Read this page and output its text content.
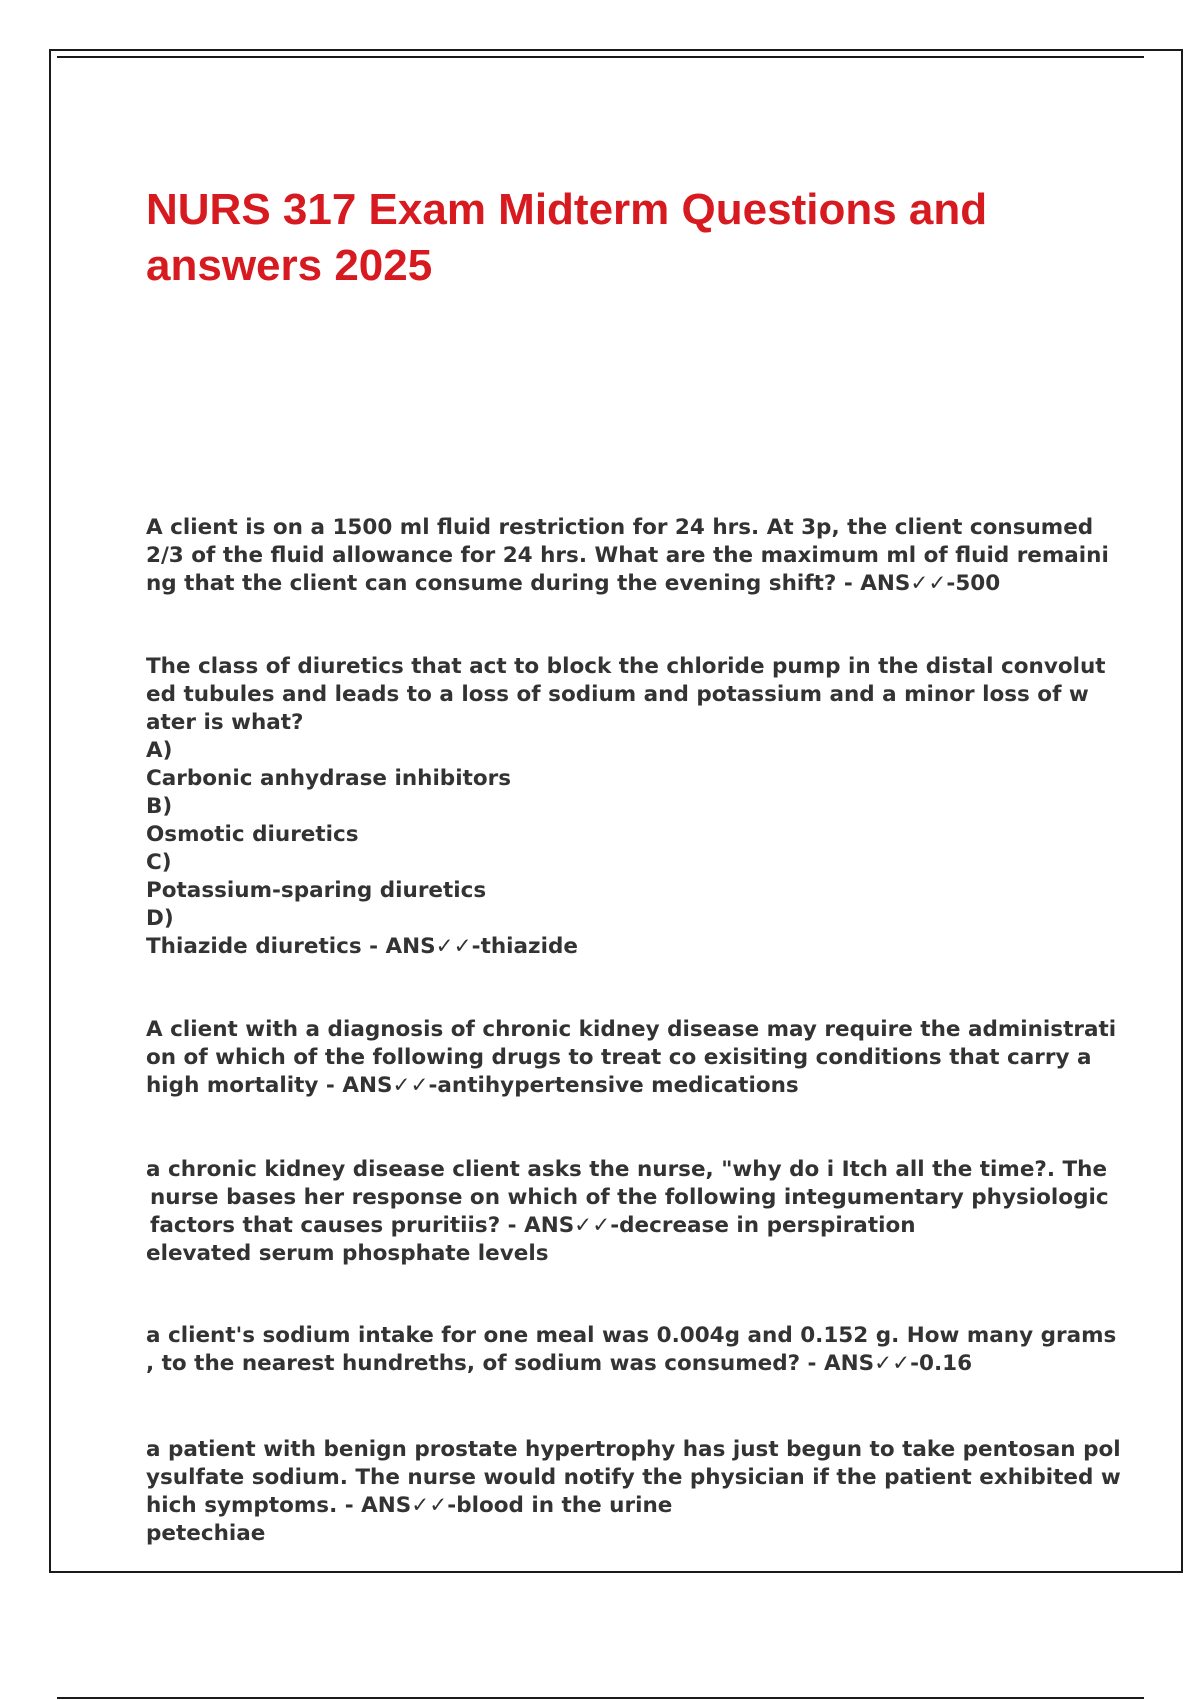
NURS 317 Exam Midterm Questions and
answers 2025
A client is on a 1500 ml fluid restriction for 24 hrs. At 3p, the client consumed
2/3 of the fluid allowance for 24 hrs. What are the maximum ml of fluid remaini
ng that the client can consume during the evening shift? - ANS✓✓-500
The class of diuretics that act to block the chloride pump in the distal convolut
ed tubules and leads to a loss of sodium and potassium and a minor loss of w
ater is what?
A)
Carbonic anhydrase inhibitors
B)
Osmotic diuretics
C)
Potassium-sparing diuretics
D)
Thiazide diuretics - ANS✓✓-thiazide
A client with a diagnosis of chronic kidney disease may require the administrati
on of which of the following drugs to treat co exisiting conditions that carry a
high mortality - ANS✓✓-antihypertensive medications
a chronic kidney disease client asks the nurse, "why do i Itch all the time?. The
nurse bases her response on which of the following integumentary physiologic
factors that causes pruritiis? - ANS✓✓-decrease in perspiration
elevated serum phosphate levels
a client's sodium intake for one meal was 0.004g and 0.152 g. How many grams
, to the nearest hundreths, of sodium was consumed? - ANS✓✓-0.16
a patient with benign prostate hypertrophy has just begun to take pentosan pol
ysulfate sodium. The nurse would notify the physician if the patient exhibited w
hich symptoms. - ANS✓✓-blood in the urine
petechiae
